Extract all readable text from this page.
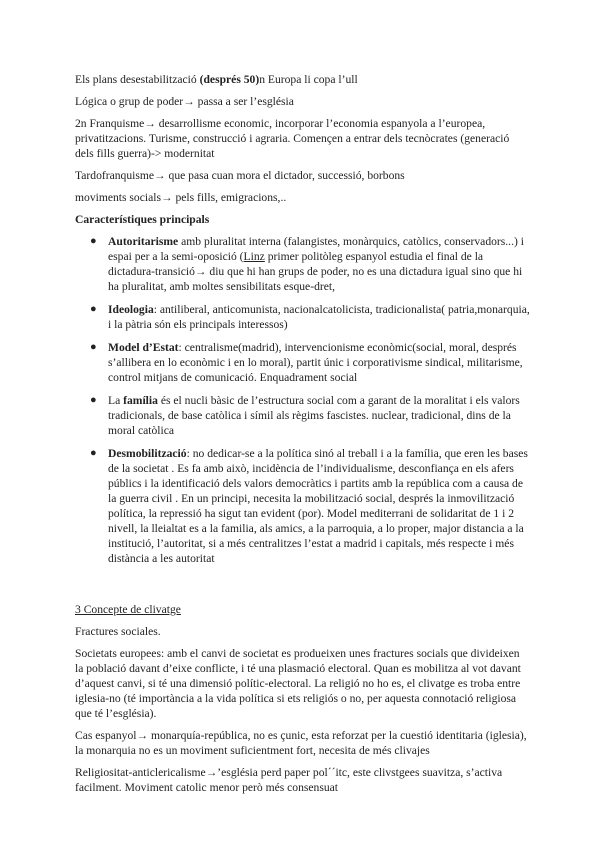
Els plans desestabilització (després 50)n Europa li copa l’ull

Lógica o grup de poder→ passa a ser l’església

2n Franquisme→ desarrollisme economic, incorporar l’economia espanyola a l’europea, privatitzacions. Turisme, construcció i agraria. Començen a entrar dels tecnòcrates (generació dels fills guerra)-> modernitat

Tardofranquisme→ que pasa cuan mora el dictador, successió, borbons

moviments socials→ pels fills, emigracions,..

Característiques principals
● Autoritarisme amb pluralitat interna (falangistes, monàrquics, catòlics, conservadors...) i espai per a la semi-oposició (Linz primer politòleg espanyol estudia el final de la dictadura-transició→ diu que hi han grups de poder, no es una dictadura igual sino que hi ha pluralitat, amb moltes sensibilitats esque-dret,
● Ideologia: antiliberal, anticomunista, nacionalcatolicista, tradicionalista( patria,monarquia, i la pàtria són els principals interessos)
● Model d’Estat: centralisme(madrid), intervencionisme econòmic(social, moral, després s’allibera en lo econòmic i en lo moral), partit únic i corporativisme sindical, militarisme, control mitjans de comunicació. Enquadrament social
● La família és el nucli bàsic de l’estructura social com a garant de la moralitat i els valors tradicionals, de base catòlica i símil als règims fascistes. nuclear, tradicional, dins de la moral catòlica
● Desmobilització: no dedicar-se a la política sinó al treball i a la família, que eren les bases de la societat . Es fa amb això, incidència de l’individualisme, desconfiança en els afers públics i la identificació dels valors democràtics i partits amb la república com a causa de la guerra civil . En un principi, necesita la mobilització social, després la inmovilització política, la repressió ha sigut tan evident (por). Model mediterrani de solidaritat de 1 i 2 nivell, la lleialtat es a la familia, als amics, a la parroquia, a lo proper, major distancia a la institució, l’autoritat, si a més centralitzes l’estat a madrid i capitals, més respecte i més distància a les autoritat

3 Concepte de clivatge

Fractures sociales.

Societats europees: amb el canvi de societat es produeixen unes fractures socials que divideixen la població davant d’eixe conflicte, i té una plasmació electoral. Quan es mobilitza al vot davant d’aquest canvi, si té una dimensió polític-electoral. La religió no ho es, el clivatge es troba entre iglesia-no (té importància a la vida política si ets religiós o no, per aquesta connotació religiosa que té l’església).

Cas espanyol→ monarquía-república, no es çunic, esta reforzat per la cuestió identitaria (iglesia), la monarquia no es un moviment suficientment fort, necesita de més clivajes

Religiositat-anticlericalisme→’església perd paper pol´´itc, este clivstgees suavitza, s’activa facilment. Moviment catolic menor però més consensuat
